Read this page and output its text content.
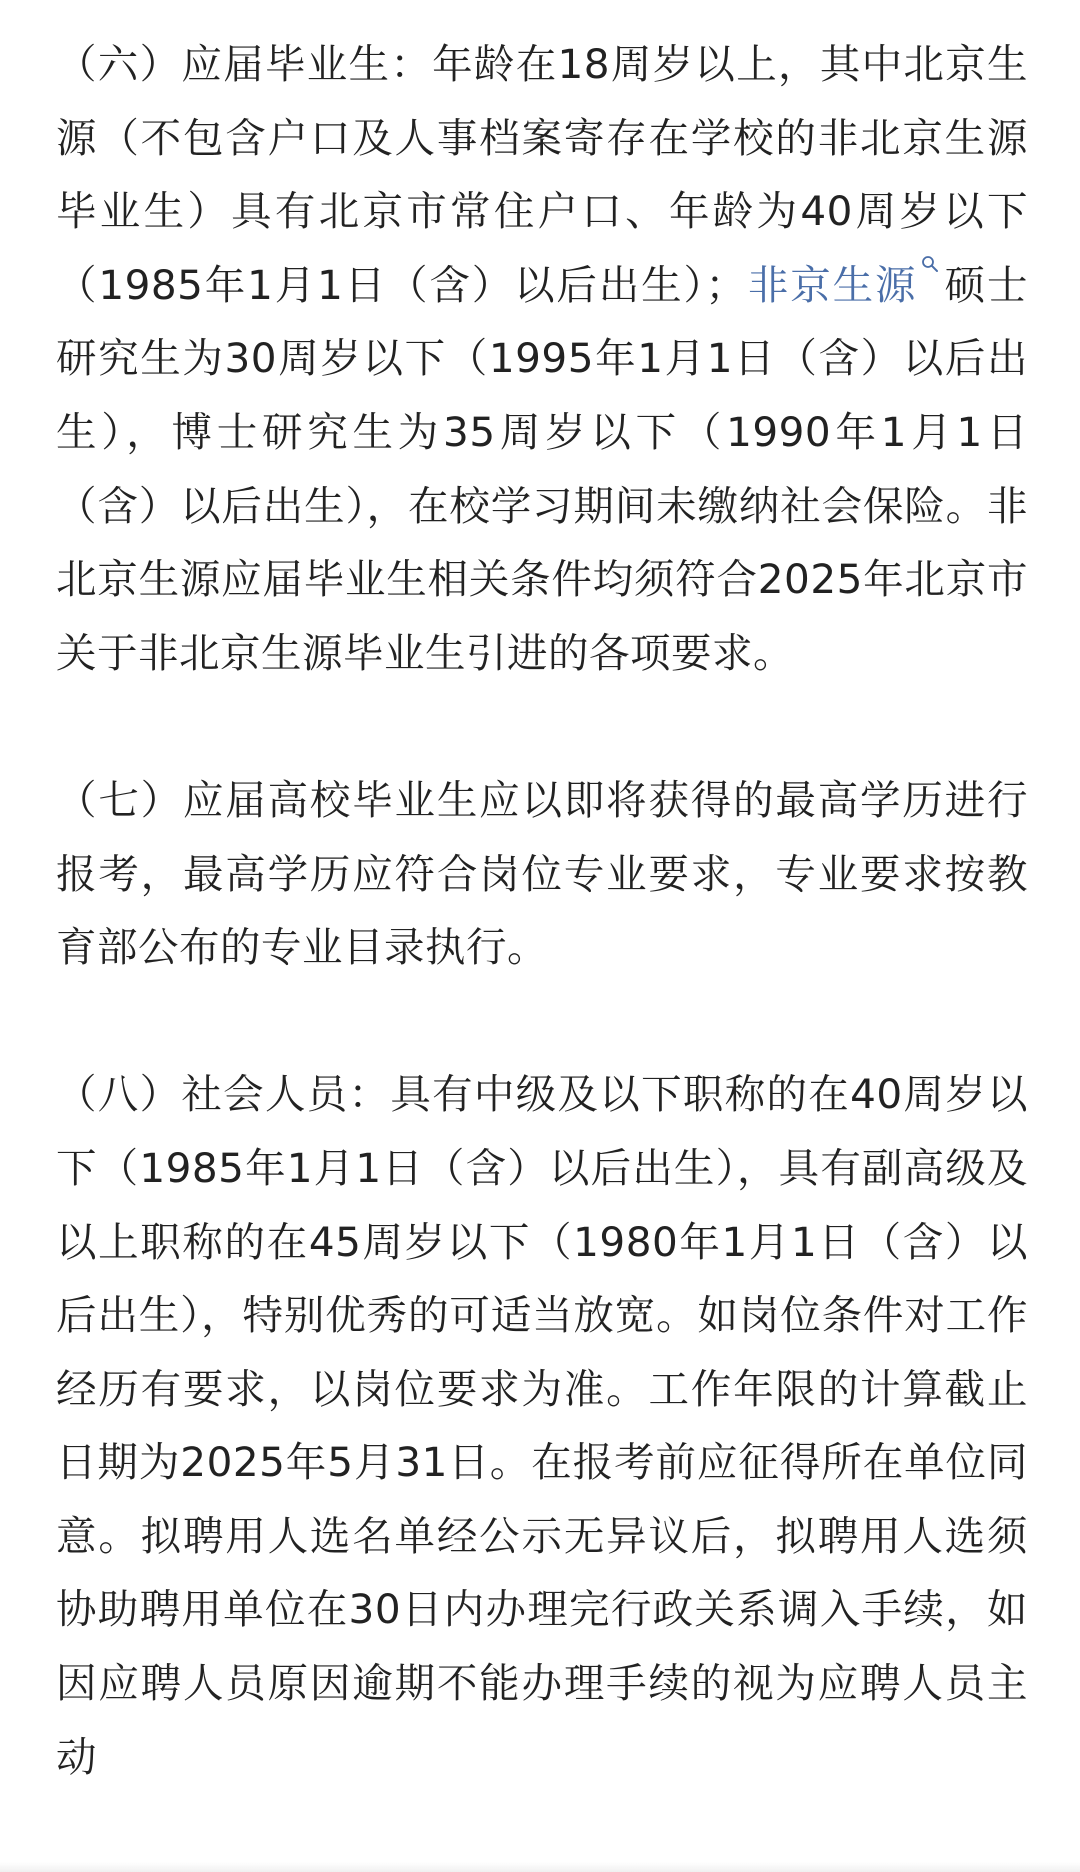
（六）应届毕业生：年龄在18周岁以上，其中北京生源（不包含户口及人事档案寄存在学校的非北京生源毕业生）具有北京市常住户口、年龄为40周岁以下（1985年1月1日（含）以后出生）；非京生源 硕士研究生为30周岁以下（1995年1月1日（含）以后出生），博士研究生为35周岁以下（1990年1月1日（含）以后出生），在校学习期间未缴纳社会保险。非北京生源应届毕业生相关条件均须符合2025年北京市关于非北京生源毕业生引进的各项要求。

（七）应届高校毕业生应以即将获得的最高学历进行报考，最高学历应符合岗位专业要求，专业要求按教育部公布的专业目录执行。

（八）社会人员：具有中级及以下职称的在40周岁以下（1985年1月1日（含）以后出生），具有副高级及以上职称的在45周岁以下（1980年1月1日（含）以后出生），特别优秀的可适当放宽。如岗位条件对工作经历有要求，以岗位要求为准。工作年限的计算截止日期为2025年5月31日。在报考前应征得所在单位同意。拟聘用人选名单经公示无异议后，拟聘用人选须协助聘用单位在30日内办理完行政关系调入手续，如因应聘人员原因逾期不能办理手续的视为应聘人员主动
